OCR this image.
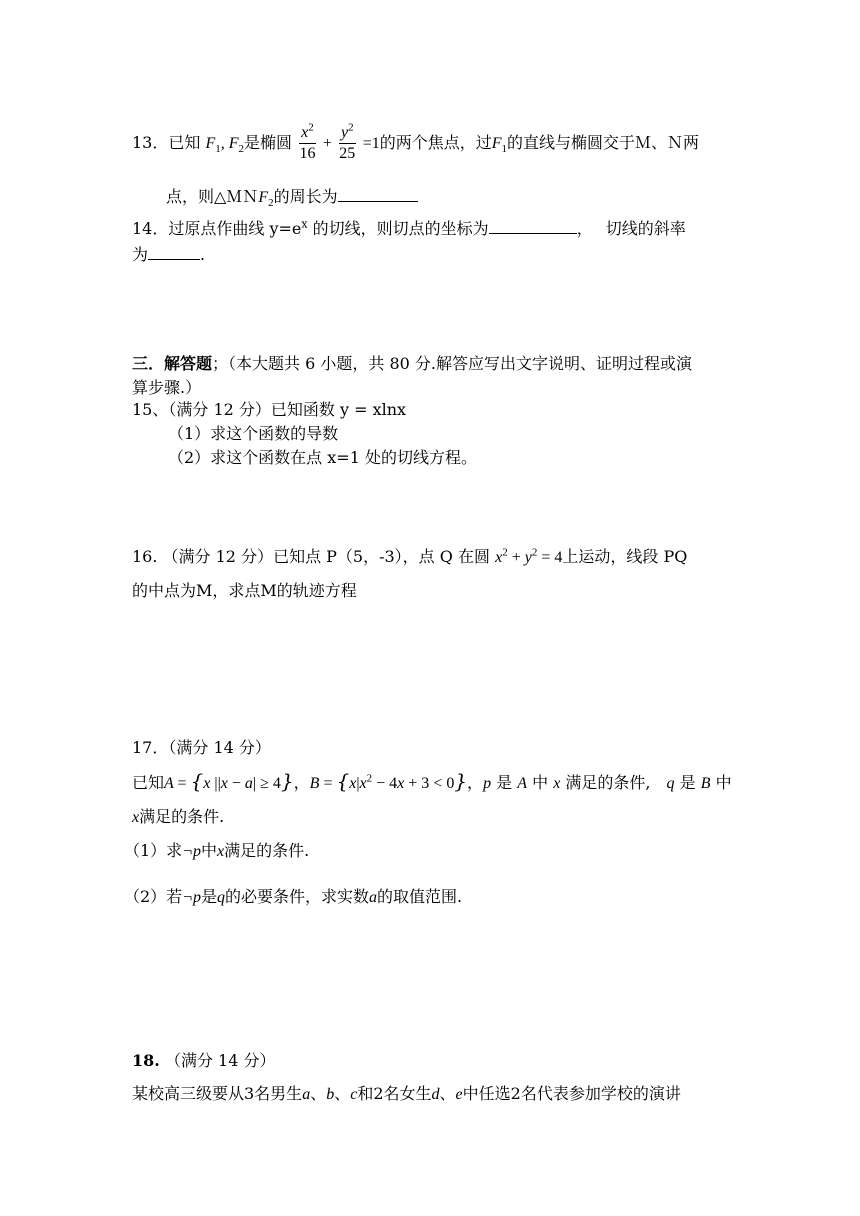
13．已知 $F_1$, $F_2$是椭圆 $\frac{x^2}{16} + \frac{y^2}{25} =1$的两个焦点，过$F_1$的直线与椭圆交于Ｍ、Ｎ两
点，则△ＭＮF$_2$的周长为
14．过原点作曲线 $y=e^x$ 的切线，则切点的坐标为	，　 切线的斜率
为	.
三．解答题；（本大题共 6 小题，共 80 分.解答应写出文字说明、证明过程或演
算步骤.）
15、（满分 12 分）已知函数 y = xlnx
（1）求这个函数的导数
（2）求这个函数在点 x=1 处的切线方程。
16. （满分 12 分）已知点 P（5，-3），点 Q 在圆 $x^2 + y^2 = 4$上运动，线段 PQ
的中点为M，求点M的轨迹方程
17．（满分 14 分）
已知A = {x ||x − a| ≥ 4}，$B = \{x|x^2 - 4x + 3 < 0\}$，p 是 A 中 x 满足的条件,　q 是 B 中
x满足的条件.
（1）求¬p中x满足的条件.
（2）若¬p是q的必要条件，求实数a的取值范围.
18. （满分 14 分）
某校高三级要从3名男生a、b、c和2名女生d、e中任选2名代表参加学校的演讲
